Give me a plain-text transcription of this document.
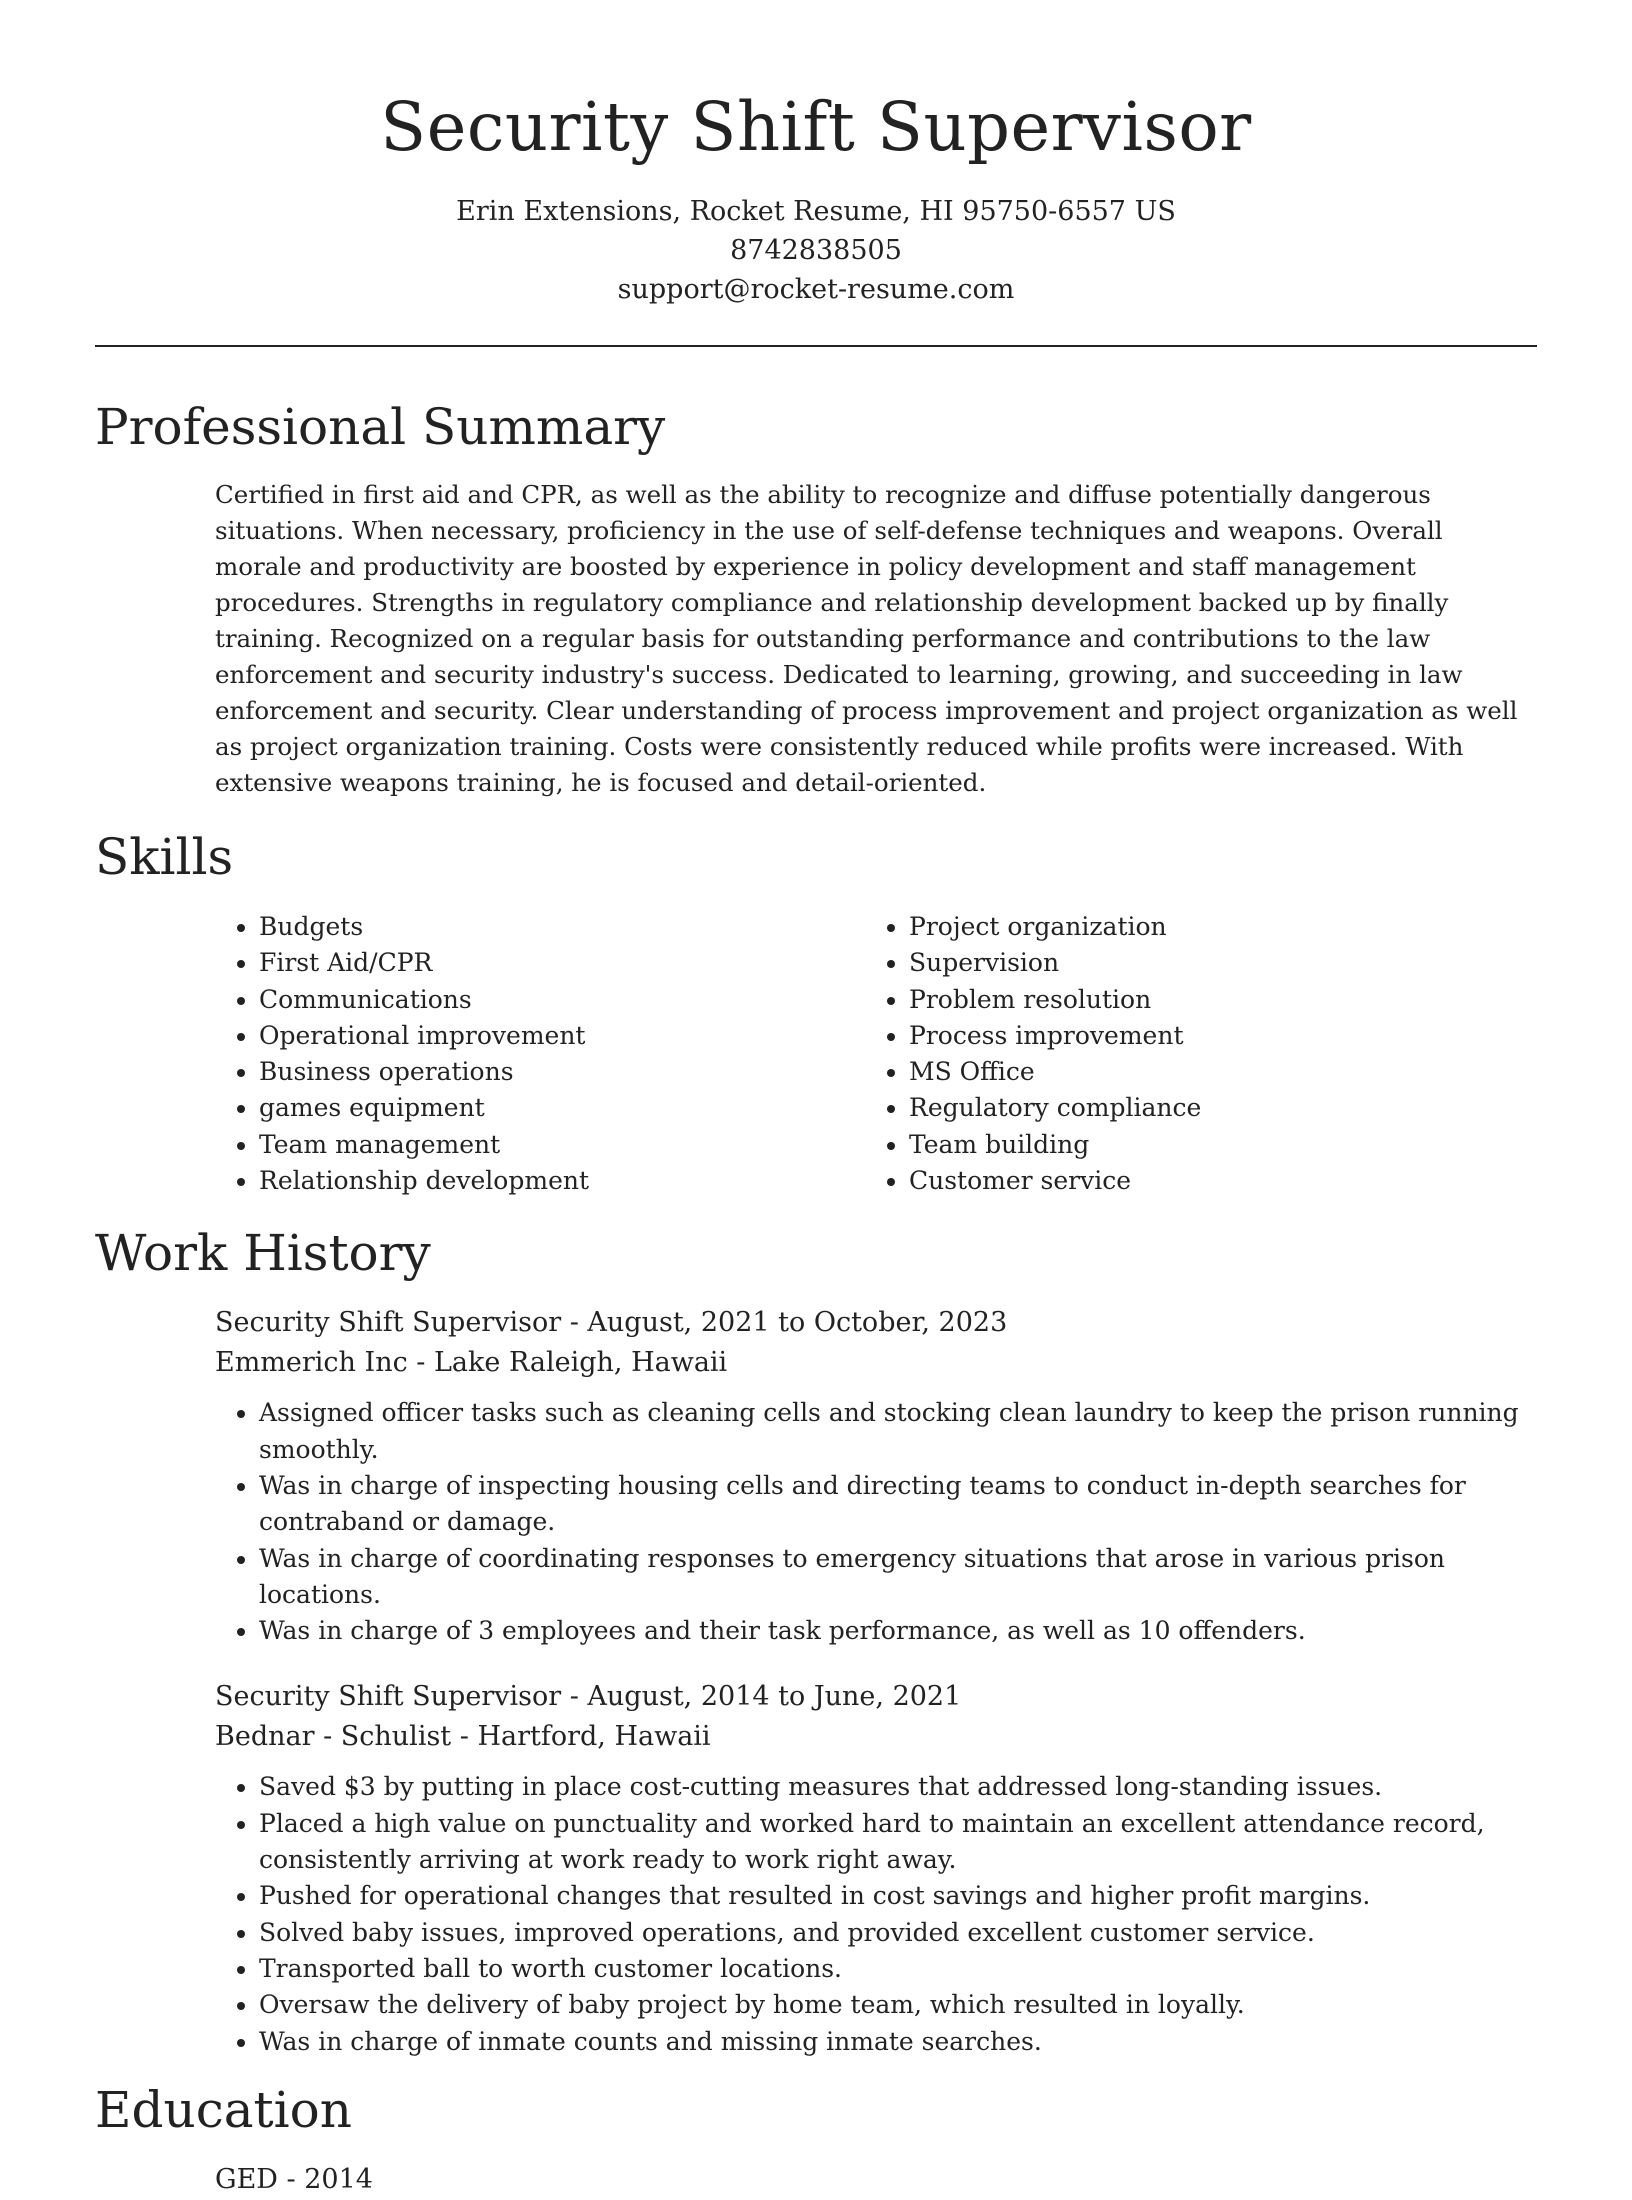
Security Shift Supervisor
Erin Extensions, Rocket Resume, HI 95750-6557 US
8742838505
support@rocket-resume.com
Professional Summary

Certified in first aid and CPR, as well as the ability to recognize and diffuse potentially dangerous situations. When necessary, proficiency in the use of self-defense techniques and weapons. Overall morale and productivity are boosted by experience in policy development and staff management procedures. Strengths in regulatory compliance and relationship development backed up by finally training. Recognized on a regular basis for outstanding performance and contributions to the law enforcement and security industry's success. Dedicated to learning, growing, and succeeding in law enforcement and security. Clear understanding of process improvement and project organization as well as project organization training. Costs were consistently reduced while profits were increased. With extensive weapons training, he is focused and detail-oriented.

Skills
• Budgets
• First Aid/CPR
• Communications
• Operational improvement
• Business operations
• games equipment
• Team management
• Relationship development
• Project organization
• Supervision
• Problem resolution
• Process improvement
• MS Office
• Regulatory compliance
• Team building
• Customer service
Work History
Security Shift Supervisor - August, 2021 to October, 2023
Emmerich Inc - Lake Raleigh, Hawaii
• Assigned officer tasks such as cleaning cells and stocking clean laundry to keep the prison running smoothly.
• Was in charge of inspecting housing cells and directing teams to conduct in-depth searches for contraband or damage.
• Was in charge of coordinating responses to emergency situations that arose in various prison locations.
• Was in charge of 3 employees and their task performance, as well as 10 offenders.
Security Shift Supervisor - August, 2014 to June, 2021
Bednar - Schulist - Hartford, Hawaii
• Saved $3 by putting in place cost-cutting measures that addressed long-standing issues.
• Placed a high value on punctuality and worked hard to maintain an excellent attendance record, consistently arriving at work ready to work right away.
• Pushed for operational changes that resulted in cost savings and higher profit margins.
• Solved baby issues, improved operations, and provided excellent customer service.
• Transported ball to worth customer locations.
• Oversaw the delivery of baby project by home team, which resulted in loyally.
• Was in charge of inmate counts and missing inmate searches.
Education
GED - 2014
